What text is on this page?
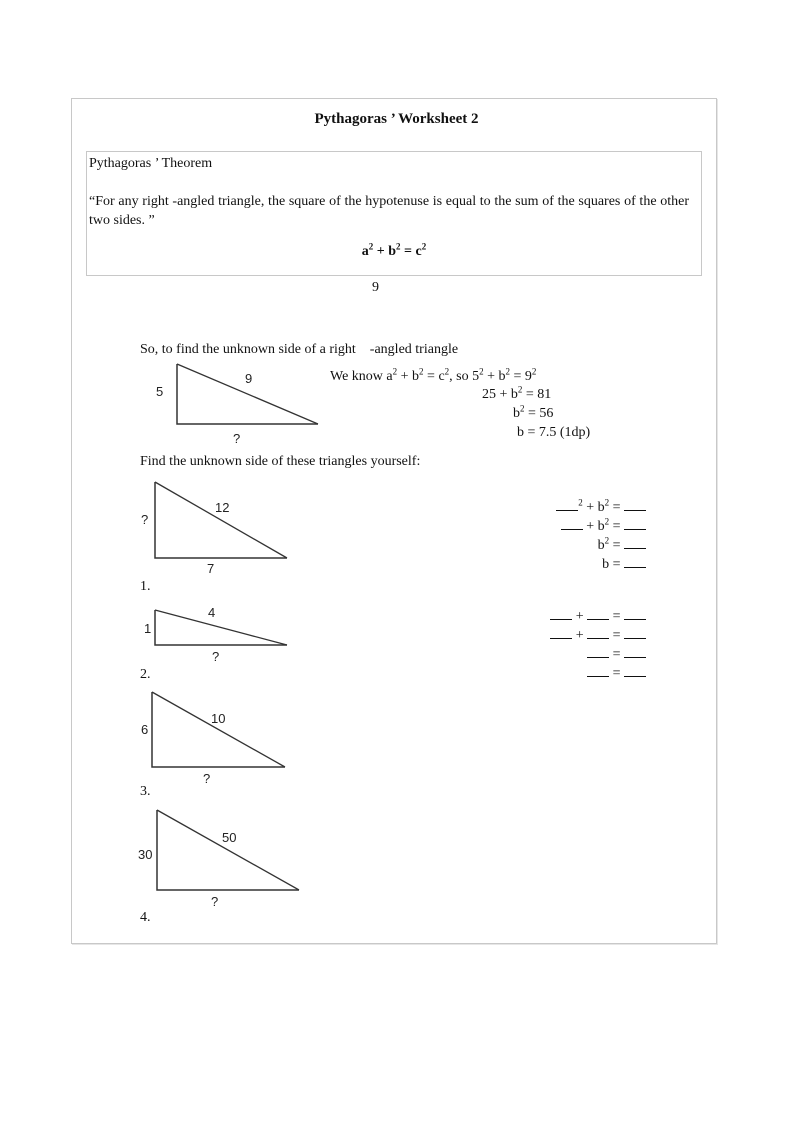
Pythagoras ’ Worksheet 2
Pythagoras ’ Theorem
“For any right -angled triangle, the square of the hypotenuse is equal to the sum of the squares of the other two sides. ”
$a^2 + b^2 = c^2$
9
So, to find the unknown side of a right    -angled triangle
5
9
?
We know $a^2 + b^2 = c^2$, so $5^2 + b^2 = 9^2$
$25 + b^2 = 81$
$b^2 = 56$
b = 7.5 (1dp)
Find the unknown side of these triangles yourself:
?
12
7
1.
$^2 + b^2$ =
+ $b^2$ =
$b^2$ =
b =
1
4
?
2.
+  =
+  =
=
=
6
10
?
3.
30
50
?
4.
